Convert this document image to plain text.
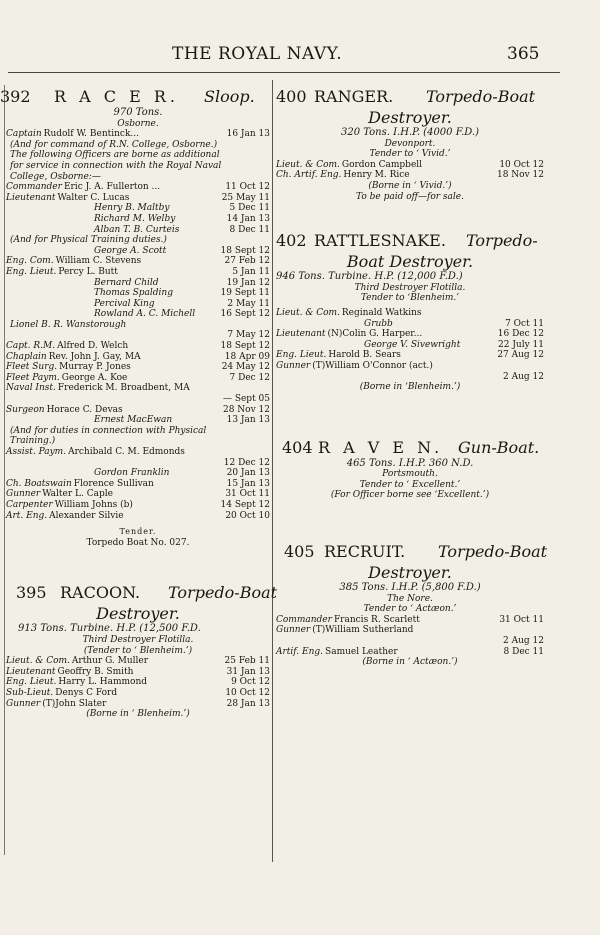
THE ROYAL NAVY.	365
392 R A C E R. Sloop.
970 Tons.
Osborne.
Captain Rudolf W. Bentinck...	16 Jan 13
(And for command of R.N. College, Osborne.)
The following Officers are borne as additional
for service in connection with the Royal Naval
College, Osborne:—
Commander Eric J. A. Fullerton ...	11 Oct 12
Lieutenant Walter C. Lucas	25 May 11
Henry B. Maltby	5 Dec 11
Richard M. Welby	14 Jan 13
Alban T. B. Curteis	8 Dec 11
(And for Physical Training duties.)
George A. Scott	18 Sept 12
Eng. Com. William C. Stevens	27 Feb 12
Eng. Lieut. Percy L. Butt	5 Jan 11
Bernard Child	19 Jan 12
Thomas Spalding	19 Sept 11
Percival King	2 May 11
Rowland A. C. Michell	16 Sept 12
Lionel B. R. Wanstorough
7 May 12
Capt. R.M. Alfred D. Welch	18 Sept 12
Chaplain Rev. John J. Gay, MA	18 Apr 09
Fleet Surg. Murray P. Jones	24 May 12
Fleet Paym. George A. Koe	7 Dec 12
Naval Inst. Frederick M. Broadbent, MA
— Sept 05
Surgeon Horace C. Devas	28 Nov 12
Ernest MacEwan	13 Jan 13
(And for duties in connection with Physical
Training.)
Assist. Paym. Archibald C. M. Edmonds
12 Dec 12
Gordon Franklin	20 Jan 13
Ch. Boatswain Florence Sullivan	15 Jan 13
Gunner Walter L. Caple	31 Oct 11
Carpenter William Johns (b)	14 Sept 12
Art. Eng. Alexander Silvie	20 Oct 10
Tender.
Torpedo Boat No. 027.
395 RACOON. Torpedo-Boat
Destroyer.
913 Tons. Turbine. H.P. (12,500 F.D.
Third Destroyer Flotilla.
(Tender to ‘ Blenheim.’)
Lieut. & Com. Arthur G. Muller	25 Feb 11
Lieutenant Geoffry B. Smith	31 Jan 13
Eng. Lieut. Harry L. Hammond	9 Oct 12
Sub-Lieut. Denys C Ford	10 Oct 12
Gunner (T)John Slater	28 Jan 13
(Borne in ‘ Blenheim.’)
400 RANGER. Torpedo-Boat
Destroyer.
320 Tons. I.H.P. (4000 F.D.)
Devonport.
Tender to ‘ Vivid.’
Lieut. & Com. Gordon Campbell	10 Oct 12
Ch. Artif. Eng. Henry M. Rice	18 Nov 12
(Borne in ‘ Vivid.’)
To be paid off—for sale.
402 RATTLESNAKE. Torpedo-
Boat Destroyer.
946 Tons. Turbine. H.P. (12,000 F.D.)
Third Destroyer Flotilla.
Tender to ‘Blenheim.’
Lieut. & Com. Reginald Watkins
Grubb	7 Oct 11
Lieutenant (N)Colin G. Harper...	16 Dec 12
George V. Sivewright	22 July 11
Eng. Lieut. Harold B. Sears	27 Aug 12
Gunner (T)William O'Connor (act.)
2 Aug 12
(Borne in ‘Blenheim.’)
404 R A V E N. Gun-Boat.
465 Tons. I.H.P. 360 N.D.
Portsmouth.
Tender to ‘ Excellent.’
(For Officer borne see ‘Excellent.’)
405 RECRUIT. Torpedo-Boat
Destroyer.
385 Tons. I.H.P. (5,800 F.D.)
The Nore.
Tender to ‘ Actæon.’
Commander Francis R. Scarlett	31 Oct 11
Gunner (T)William Sutherland
2 Aug 12
Artif. Eng. Samuel Leather	8 Dec 11
(Borne in ‘ Actæon.’)
